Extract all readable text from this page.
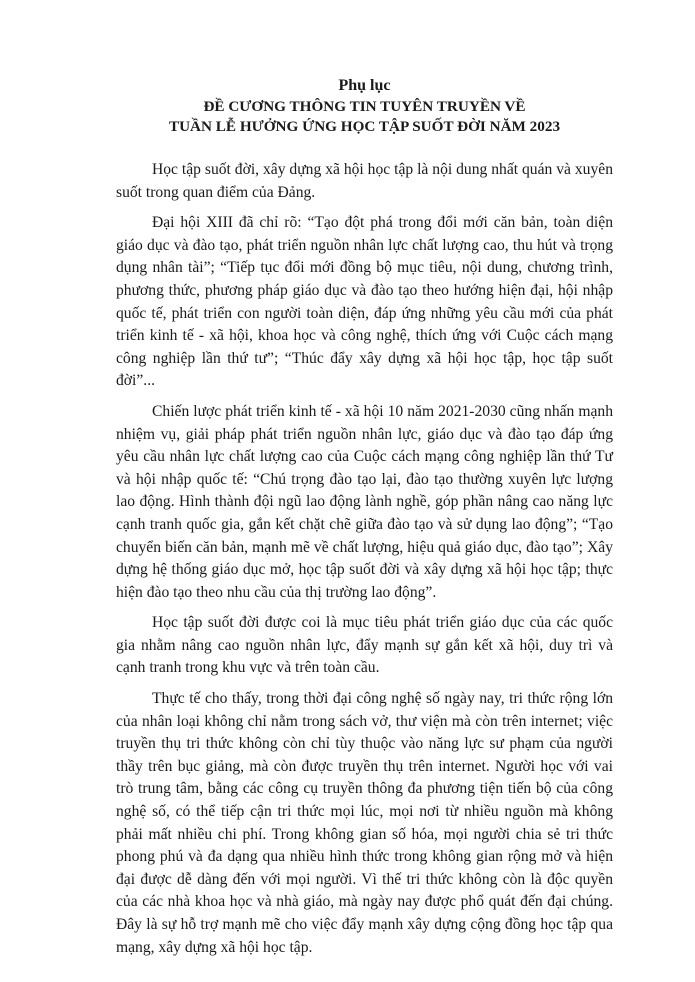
Phụ lục
ĐỀ CƯƠNG THÔNG TIN TUYÊN TRUYỀN VỀ
TUẦN LỄ HƯỞNG ỨNG HỌC TẬP SUỐT ĐỜI NĂM 2023

Học tập suốt đời, xây dựng xã hội học tập là nội dung nhất quán và xuyên suốt trong quan điểm của Đảng.

Đại hội XIII đã chỉ rõ: “Tạo đột phá trong đổi mới căn bản, toàn diện giáo dục và đào tạo, phát triển nguồn nhân lực chất lượng cao, thu hút và trọng dụng nhân tài”; “Tiếp tục đổi mới đồng bộ mục tiêu, nội dung, chương trình, phương thức, phương pháp giáo dục và đào tạo theo hướng hiện đại, hội nhập quốc tế, phát triển con người toàn diện, đáp ứng những yêu cầu mới của phát triển kinh tế - xã hội, khoa học và công nghệ, thích ứng với Cuộc cách mạng công nghiệp lần thứ tư”; “Thúc đẩy xây dựng xã hội học tập, học tập suốt đời”...

Chiến lược phát triển kinh tế - xã hội 10 năm 2021-2030 cũng nhấn mạnh nhiệm vụ, giải pháp phát triển nguồn nhân lực, giáo dục và đào tạo đáp ứng yêu cầu nhân lực chất lượng cao của Cuộc cách mạng công nghiệp lần thứ Tư và hội nhập quốc tế: “Chú trọng đào tạo lại, đào tạo thường xuyên lực lượng lao động. Hình thành đội ngũ lao động lành nghề, góp phần nâng cao năng lực cạnh tranh quốc gia, gắn kết chặt chẽ giữa đào tạo và sử dụng lao động”; “Tạo chuyển biến căn bản, mạnh mẽ về chất lượng, hiệu quả giáo dục, đào tạo”; Xây dựng hệ thống giáo dục mở, học tập suốt đời và xây dựng xã hội học tập; thực hiện đào tạo theo nhu cầu của thị trường lao động”.

Học tập suốt đời được coi là mục tiêu phát triển giáo dục của các quốc gia nhằm nâng cao nguồn nhân lực, đẩy mạnh sự gắn kết xã hội, duy trì và cạnh tranh trong khu vực và trên toàn cầu.

Thực tế cho thấy, trong thời đại công nghệ số ngày nay, tri thức rộng lớn của nhân loại không chỉ nằm trong sách vở, thư viện mà còn trên internet; việc truyền thụ tri thức không còn chỉ tùy thuộc vào năng lực sư phạm của người thầy trên bục giảng, mà còn được truyền thụ trên internet. Người học với vai trò trung tâm, bằng các công cụ truyền thông đa phương tiện tiến bộ của công nghệ số, có thể tiếp cận tri thức mọi lúc, mọi nơi từ nhiều nguồn mà không phải mất nhiều chi phí. Trong không gian số hóa, mọi người chia sẻ tri thức phong phú và đa dạng qua nhiều hình thức trong không gian rộng mở và hiện đại được dễ dàng đến với mọi người. Vì thế tri thức không còn là độc quyền của các nhà khoa học và nhà giáo, mà ngày nay được phổ quát đến đại chúng. Đây là sự hỗ trợ mạnh mẽ cho việc đẩy mạnh xây dựng cộng đồng học tập qua mạng, xây dựng xã hội học tập.
